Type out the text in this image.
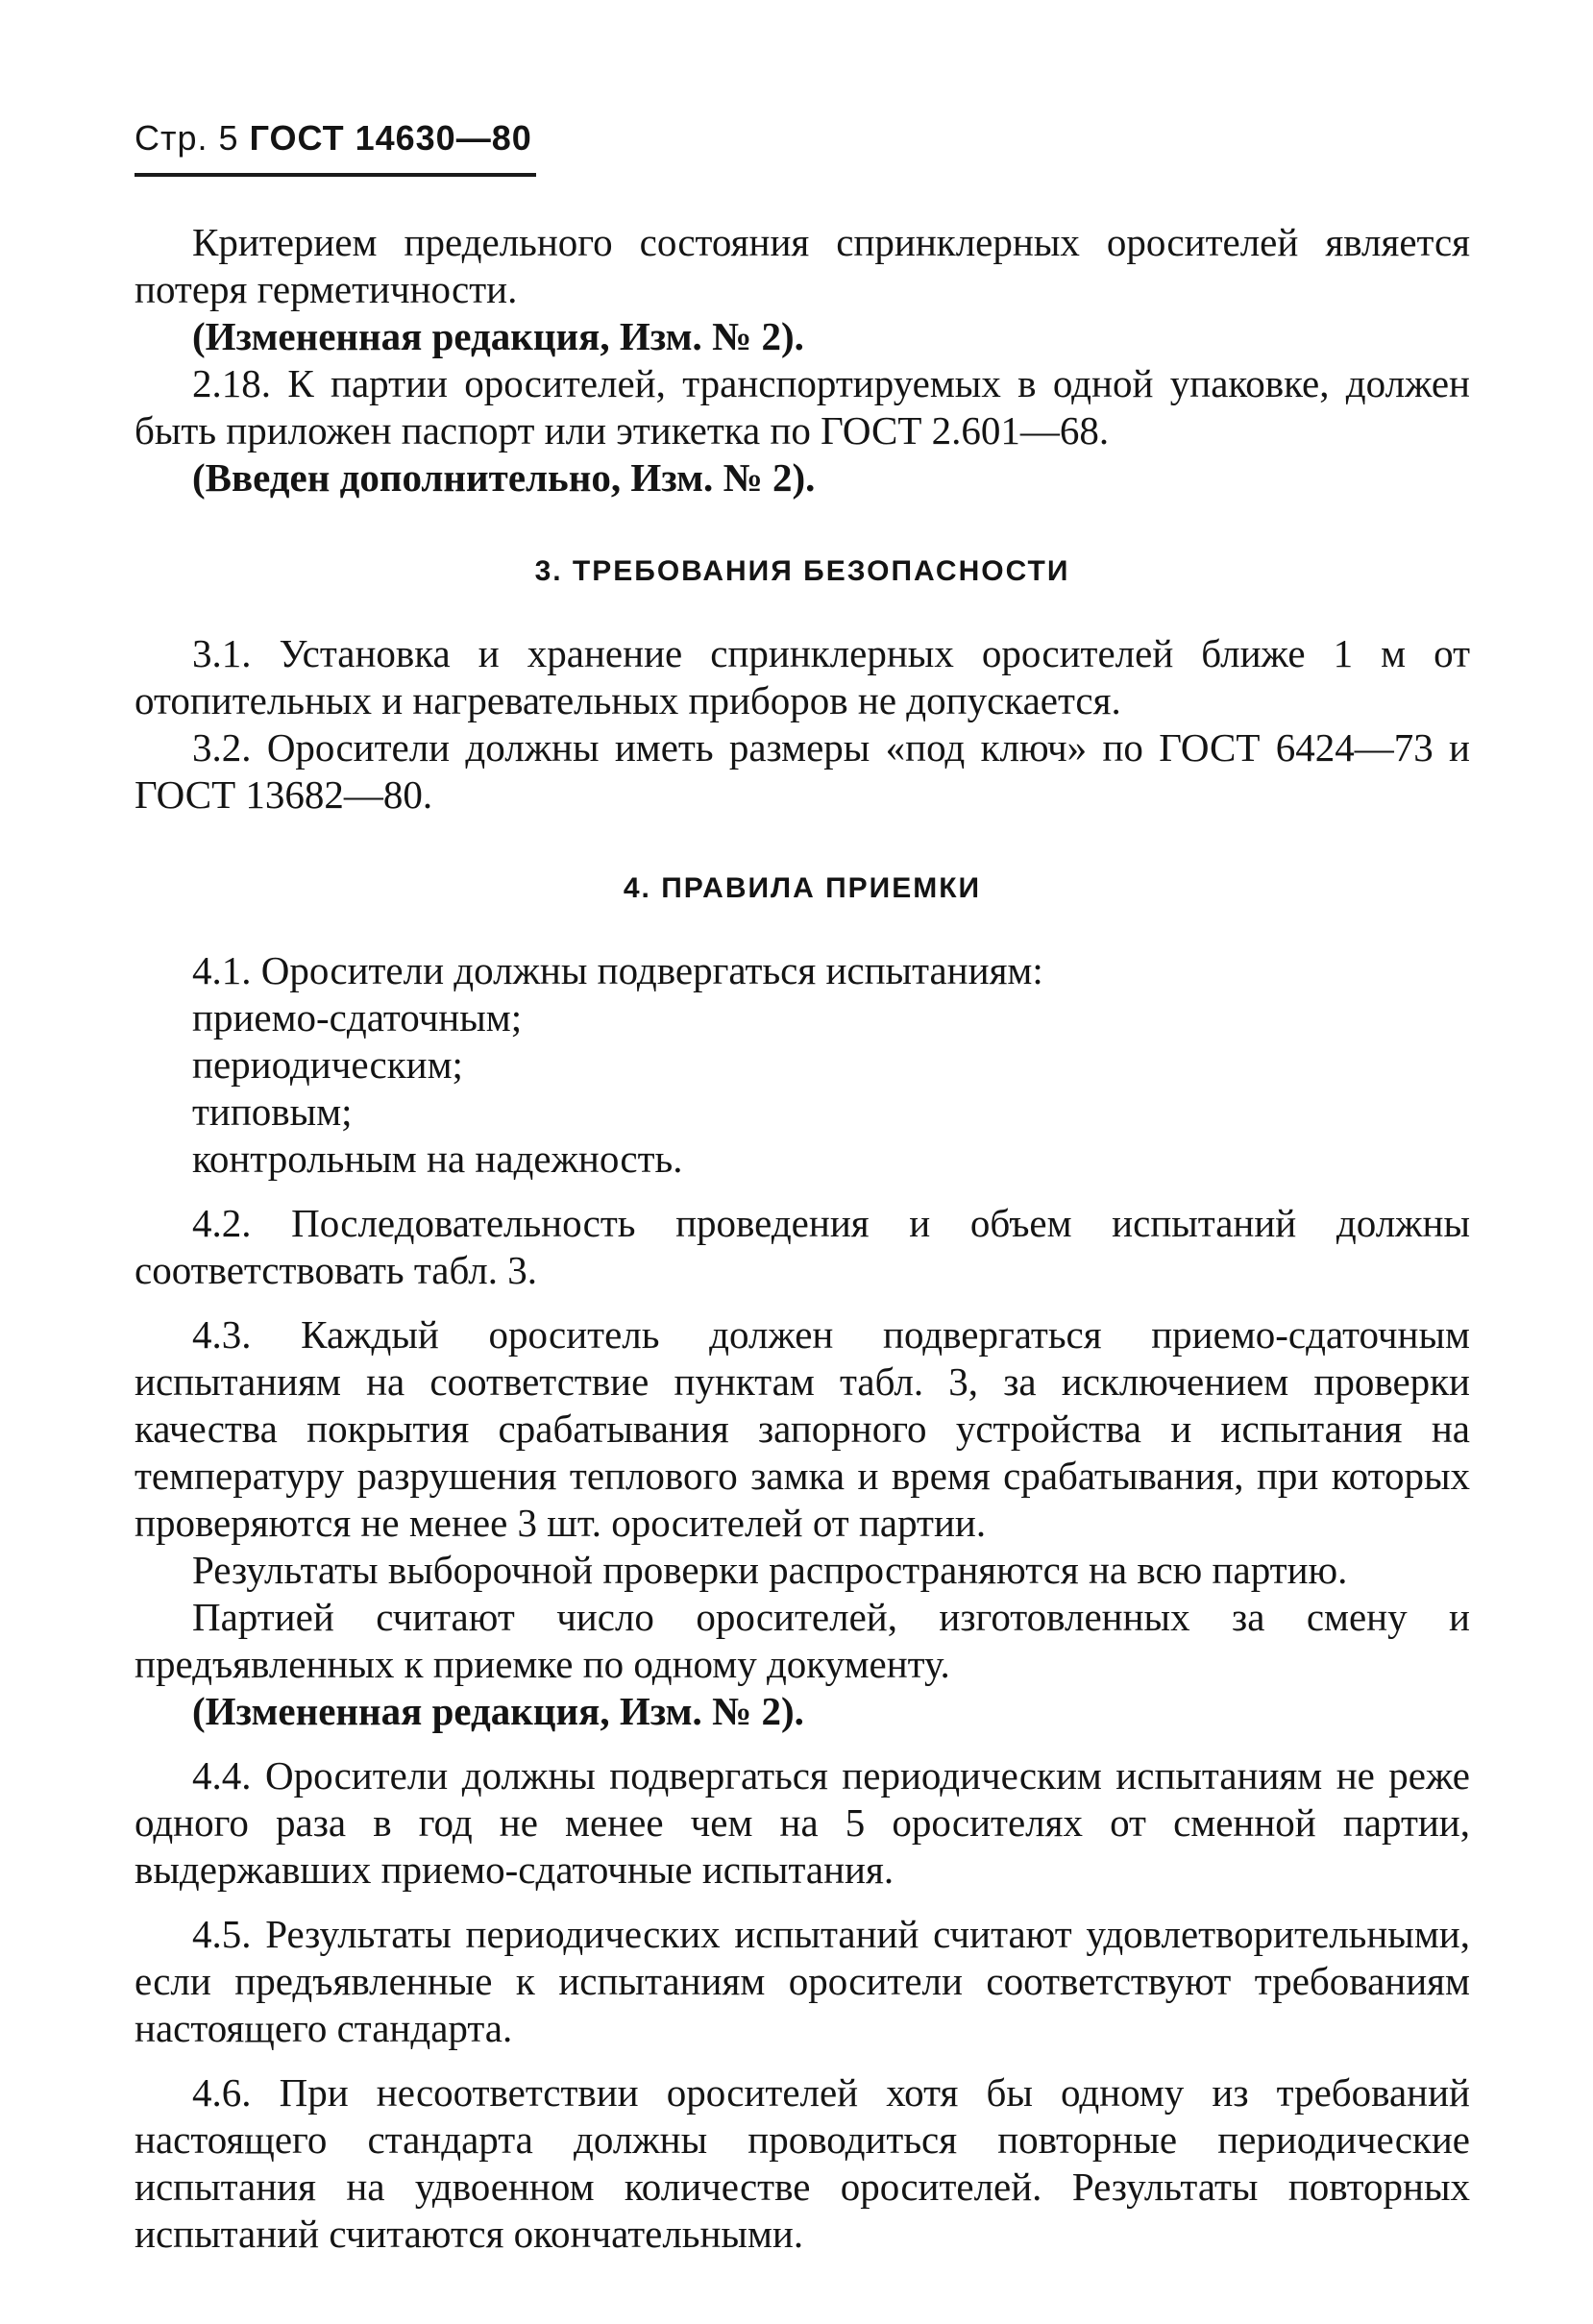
Стр. 5 ГОСТ 14630—80

Критерием предельного состояния спринклерных оросителей является потеря герметичности.

(Измененная редакция, Изм. № 2).

2.18. К партии оросителей, транспортируемых в одной упаковке, должен быть приложен паспорт или этикетка по ГОСТ 2.601—68.

(Введен дополнительно, Изм. № 2).

3. ТРЕБОВАНИЯ БЕЗОПАСНОСТИ

3.1. Установка и хранение спринклерных оросителей ближе 1 м от отопительных и нагревательных приборов не допускается.

3.2. Оросители должны иметь размеры «под ключ» по ГОСТ 6424—73 и ГОСТ 13682—80.

4. ПРАВИЛА ПРИЕМКИ

4.1. Оросители должны подвергаться испытаниям:

приемо-сдаточным;

периодическим;

типовым;

контрольным на надежность.

4.2. Последовательность проведения и объем испытаний должны соответствовать табл. 3.

4.3. Каждый ороситель должен подвергаться приемо-сдаточным испытаниям на соответствие пунктам табл. 3, за исключением проверки качества покрытия срабатывания запорного устройства и испытания на температуру разрушения теплового замка и время срабатывания, при которых проверяются не менее 3 шт. оросителей от партии.

Результаты выборочной проверки распространяются на всю партию.

Партией считают число оросителей, изготовленных за смену и предъявленных к приемке по одному документу.

(Измененная редакция, Изм. № 2).

4.4. Оросители должны подвергаться периодическим испытаниям не реже одного раза в год не менее чем на 5 оросителях от сменной партии, выдержавших приемо-сдаточные испытания.

4.5. Результаты периодических испытаний считают удовлетворительными, если предъявленные к испытаниям оросители соответствуют требованиям настоящего стандарта.

4.6. При несоответствии оросителей хотя бы одному из требований настоящего стандарта должны проводиться повторные периодические испытания на удвоенном количестве оросителей. Результаты повторных испытаний считаются окончательными.
